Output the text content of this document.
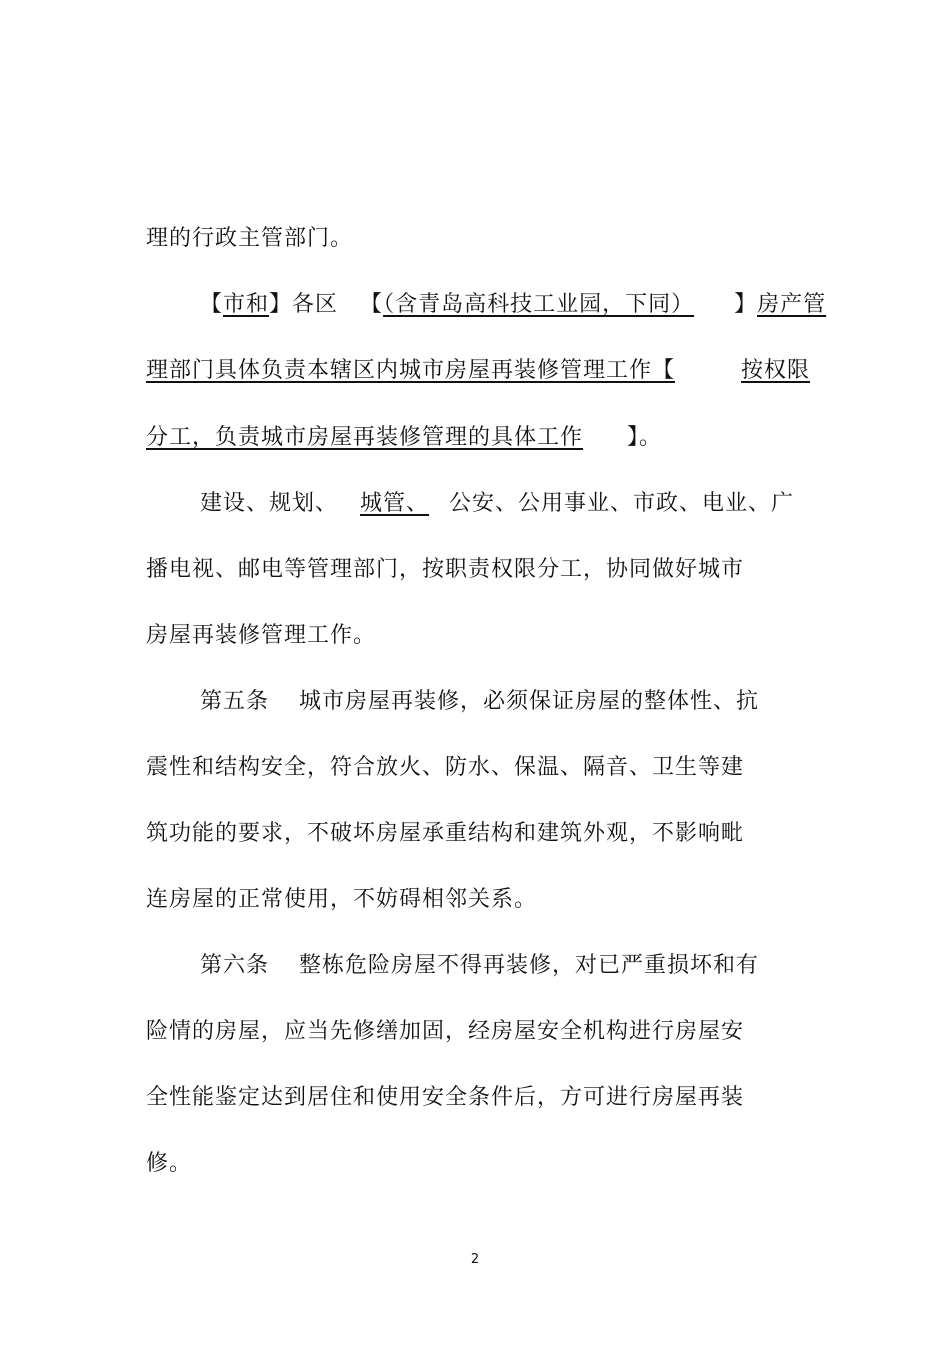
理的行政主管部门。
【市和】各区 【（含青岛高科技工业园，下同） 】房产管
理部门具体负责本辖区内城市房屋再装修管理工作【	按权限
分工，负责城市房屋再装修管理的具体工作 】。
建设、规划、 城管、 公安、公用事业、市政、电业、广
播电视、邮电等管理部门，按职责权限分工，协同做好城市
房屋再装修管理工作。
第五条 城市房屋再装修，必须保证房屋的整体性、抗
震性和结构安全，符合放火、防水、保温、隔音、卫生等建
筑功能的要求，不破坏房屋承重结构和建筑外观，不影响毗
连房屋的正常使用，不妨碍相邻关系。
第六条 整栋危险房屋不得再装修，对已严重损坏和有
险情的房屋，应当先修缮加固，经房屋安全机构进行房屋安
全性能鉴定达到居住和使用安全条件后，方可进行房屋再装
修。
2
